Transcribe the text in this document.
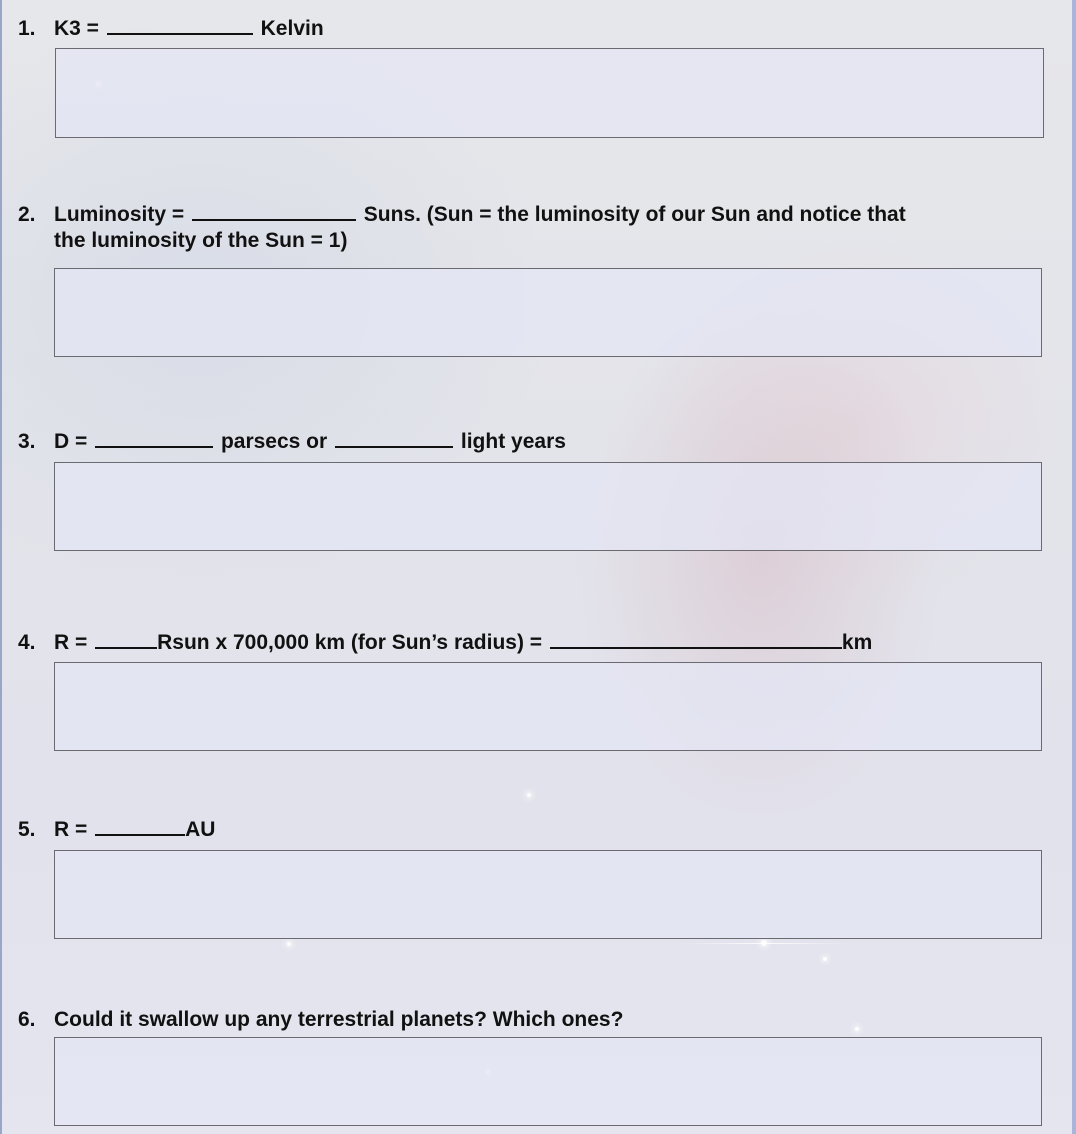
1. K3 =	Kelvin
2. Luminosity =	Suns. (Sun = the luminosity of our Sun and notice that
the luminosity of the Sun = 1)
3. D =	parsecs or	light years
4. R =	Rsun x 700,000 km (for Sun’s radius) =	km
5. R =	AU
6. Could it swallow up any terrestrial planets? Which ones?
